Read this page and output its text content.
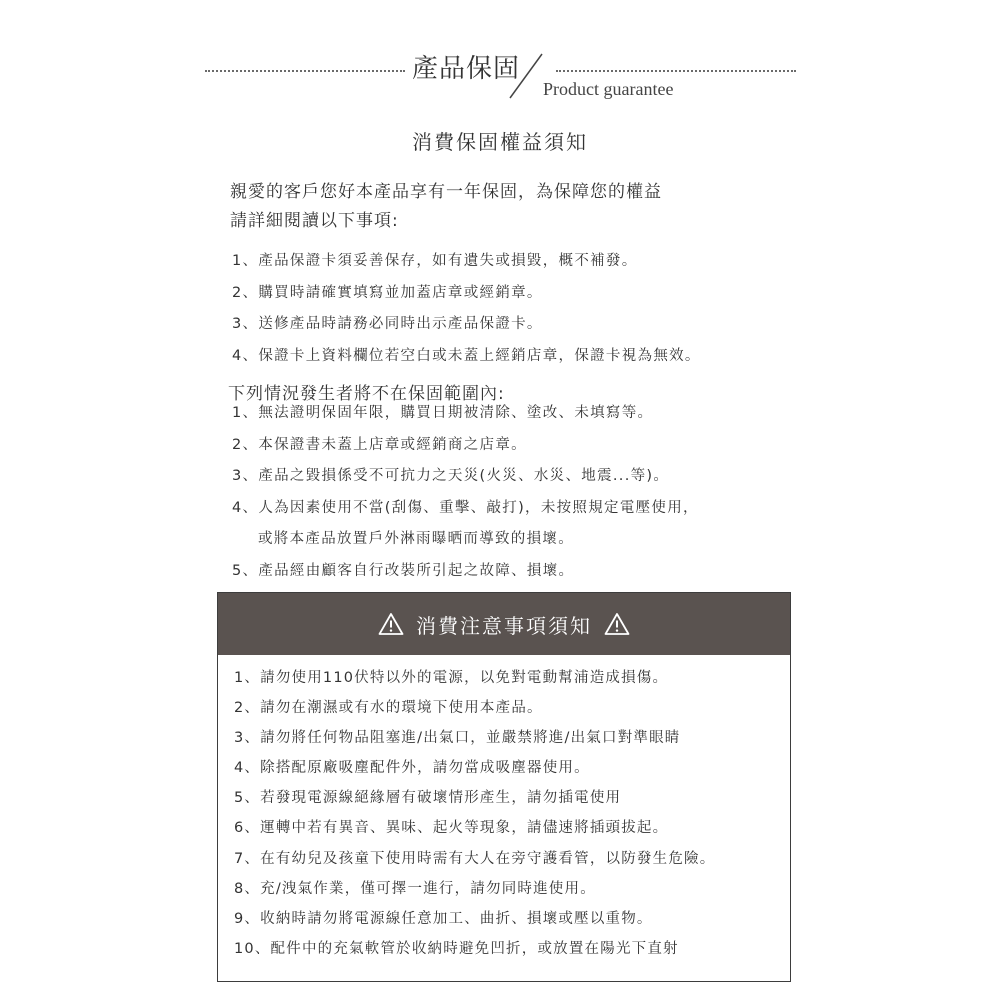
產品保固
Product guarantee
消費保固權益須知
親愛的客戶您好本產品享有一年保固，為保障您的權益
請詳細閱讀以下事項:
1、產品保證卡須妥善保存，如有遺失或損毀，概不補發。
2、購買時請確實填寫並加蓋店章或經銷章。
3、送修產品時請務必同時出示產品保證卡。
4、保證卡上資料欄位若空白或未蓋上經銷店章，保證卡視為無效。
下列情況發生者將不在保固範圍內:
1、無法證明保固年限，購買日期被清除、塗改、未填寫等。
2、本保證書未蓋上店章或經銷商之店章。
3、產品之毀損係受不可抗力之天災(火災、水災、地震...等)。
4、人為因素使用不當(刮傷、重擊、敲打)，未按照規定電壓使用，
或將本產品放置戶外淋雨曝晒而導致的損壞。
5、產品經由顧客自行改裝所引起之故障、損壞。
消費注意事項須知
1、請勿使用110伏特以外的電源，以免對電動幫浦造成損傷。
2、請勿在潮濕或有水的環境下使用本產品。
3、請勿將任何物品阻塞進/出氣口，並嚴禁將進/出氣口對準眼睛
4、除搭配原廠吸塵配件外，請勿當成吸塵器使用。
5、若發現電源線絕緣層有破壞情形產生，請勿插電使用
6、運轉中若有異音、異味、起火等現象，請儘速將插頭拔起。
7、在有幼兒及孩童下使用時需有大人在旁守護看管，以防發生危險。
8、充/洩氣作業，僅可擇一進行，請勿同時進使用。
9、收納時請勿將電源線任意加工、曲折、損壞或壓以重物。
10、配件中的充氣軟管於收納時避免凹折，或放置在陽光下直射
